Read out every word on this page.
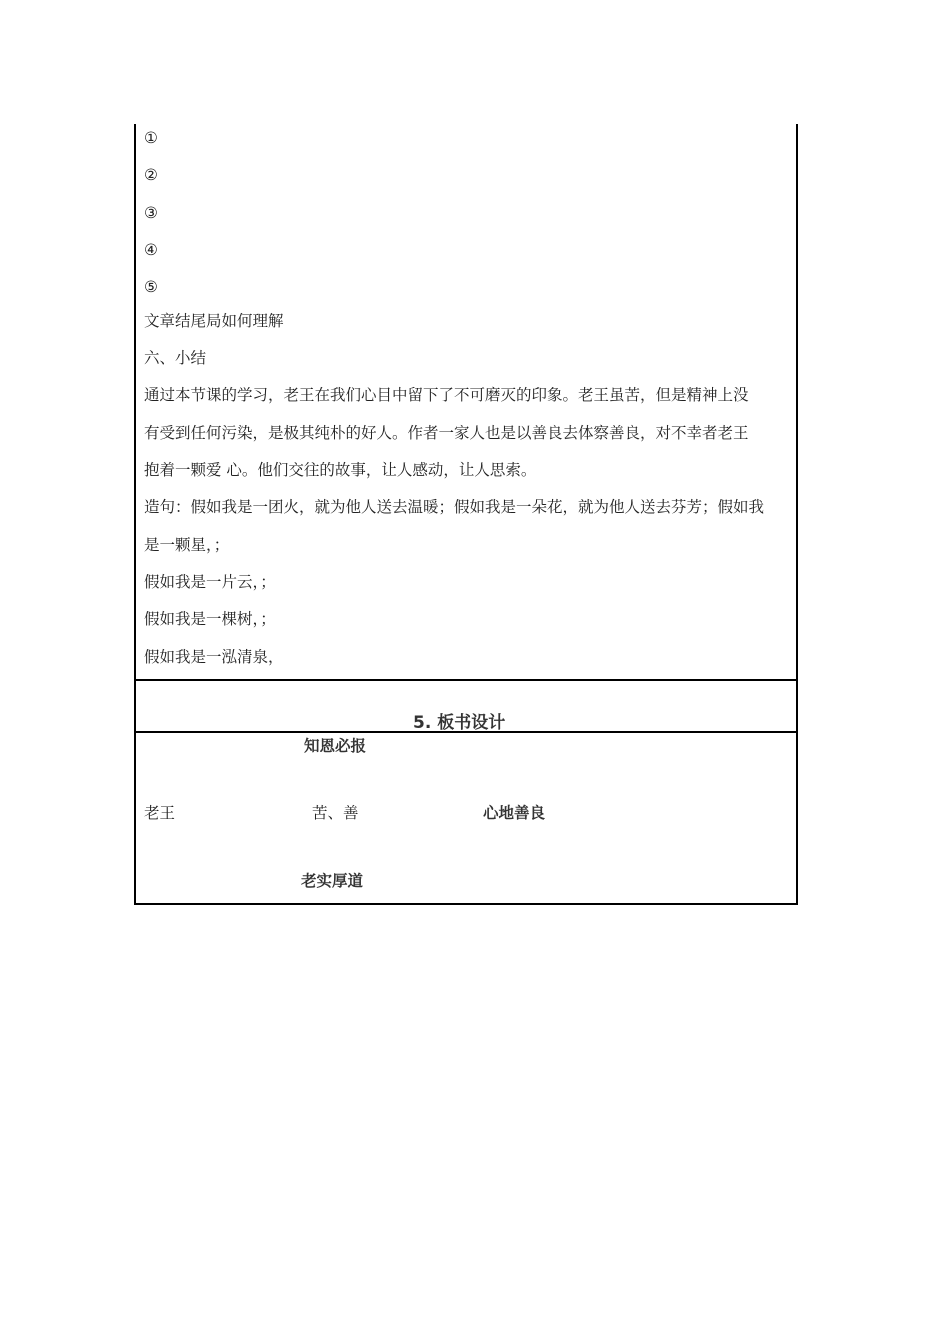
①
②
③
④
⑤
文章结尾局如何理解
六、小结
通过本节课的学习，老王在我们心目中留下了不可磨灭的印象。老王虽苦，但是精神上没
有受到任何污染，是极其纯朴的好人。作者一家人也是以善良去体察善良，对不幸者老王
抱着一颗爱 心。他们交往的故事，让人感动，让人思索。
造句：假如我是一团火，就为他人送去温暖；假如我是一朵花，就为他人送去芬芳；假如我
是一颗星，；
假如我是一片云，；
假如我是一棵树，；
假如我是一泓清泉，
5. 板书设计
知恩必报
老王	苦、善	心地善良
老实厚道
